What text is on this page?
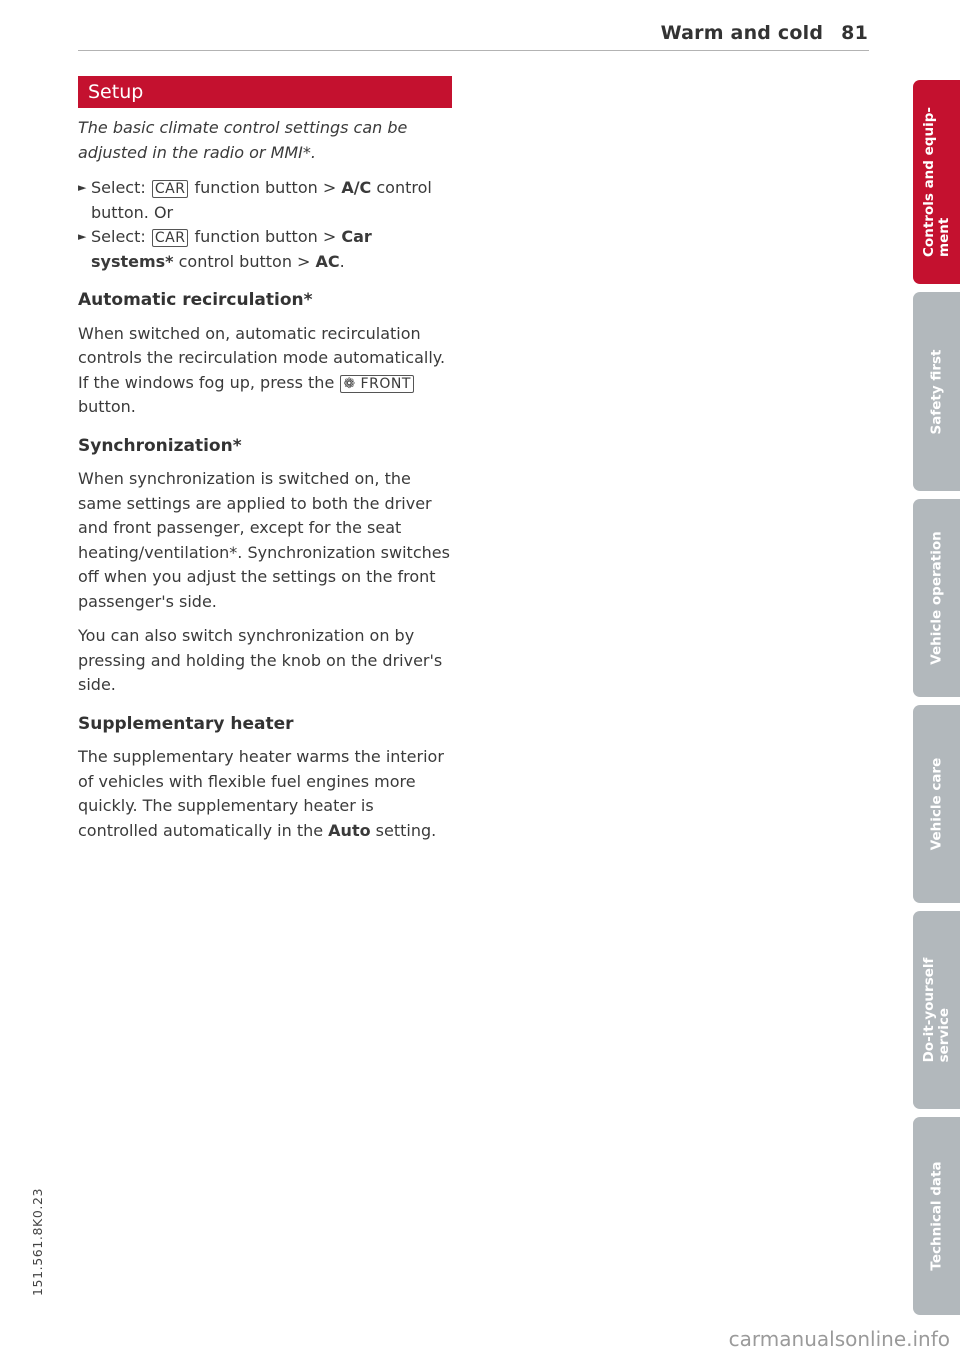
Warm and cold 81
Setup

The basic climate control settings can be adjusted in the radio or MMI*.

► Select: CAR function button > A/C control button. Or

► Select: CAR function button > Car systems* control button > AC.

Automatic recirculation*

When switched on, automatic recirculation controls the recirculation mode automatically. If the windows fog up, press the ❁ FRONT button.

Synchronization*

When synchronization is switched on, the same settings are applied to both the driver and front passenger, except for the seat heating/ventilation*. Synchronization switches off when you adjust the settings on the front passenger's side.

You can also switch synchronization on by pressing and holding the knob on the driver's side.

Supplementary heater

The supplementary heater warms the interior of vehicles with flexible fuel engines more quickly. The supplementary heater is controlled automatically in the Auto setting.

Controls and equip-
ment
Safety first
Vehicle operation
Vehicle care
Do-it-yourself
service
Technical data
151.561.8K0.23
carmanualsonline.info
